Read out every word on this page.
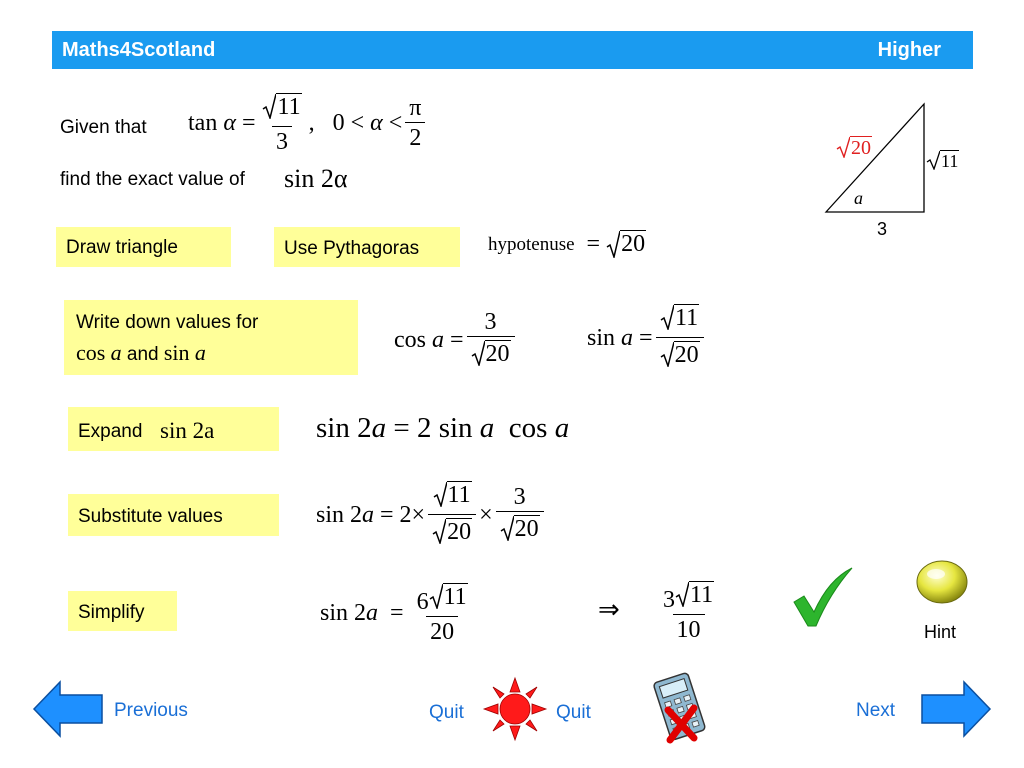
Maths4Scotland	Higher
Given that tan
α
= $\frac{11}{3}$ ,
0
<
α
< $\frac{\pi}{2}$
find the exact value of sin 2α
20
11
a
3
Draw triangle	Use Pythagoras	hypotenuse
=
20
Write down values for
cos a and sin a	cos
a
= $\frac{3}{20}$	sin
a
= $\frac{11}{20}$
Expand sin 2a	sin 2a = 2 sin a cos a
Substitute values	sin 2 a
= $2\times \frac{11}{20} \times \frac{3}{20}$
Simplify	sin 2 a
=
$\frac{6 11}{20}$	⇒ $\frac{3 11}{10}$	Hint
Previous	Quit	Quit	Next
